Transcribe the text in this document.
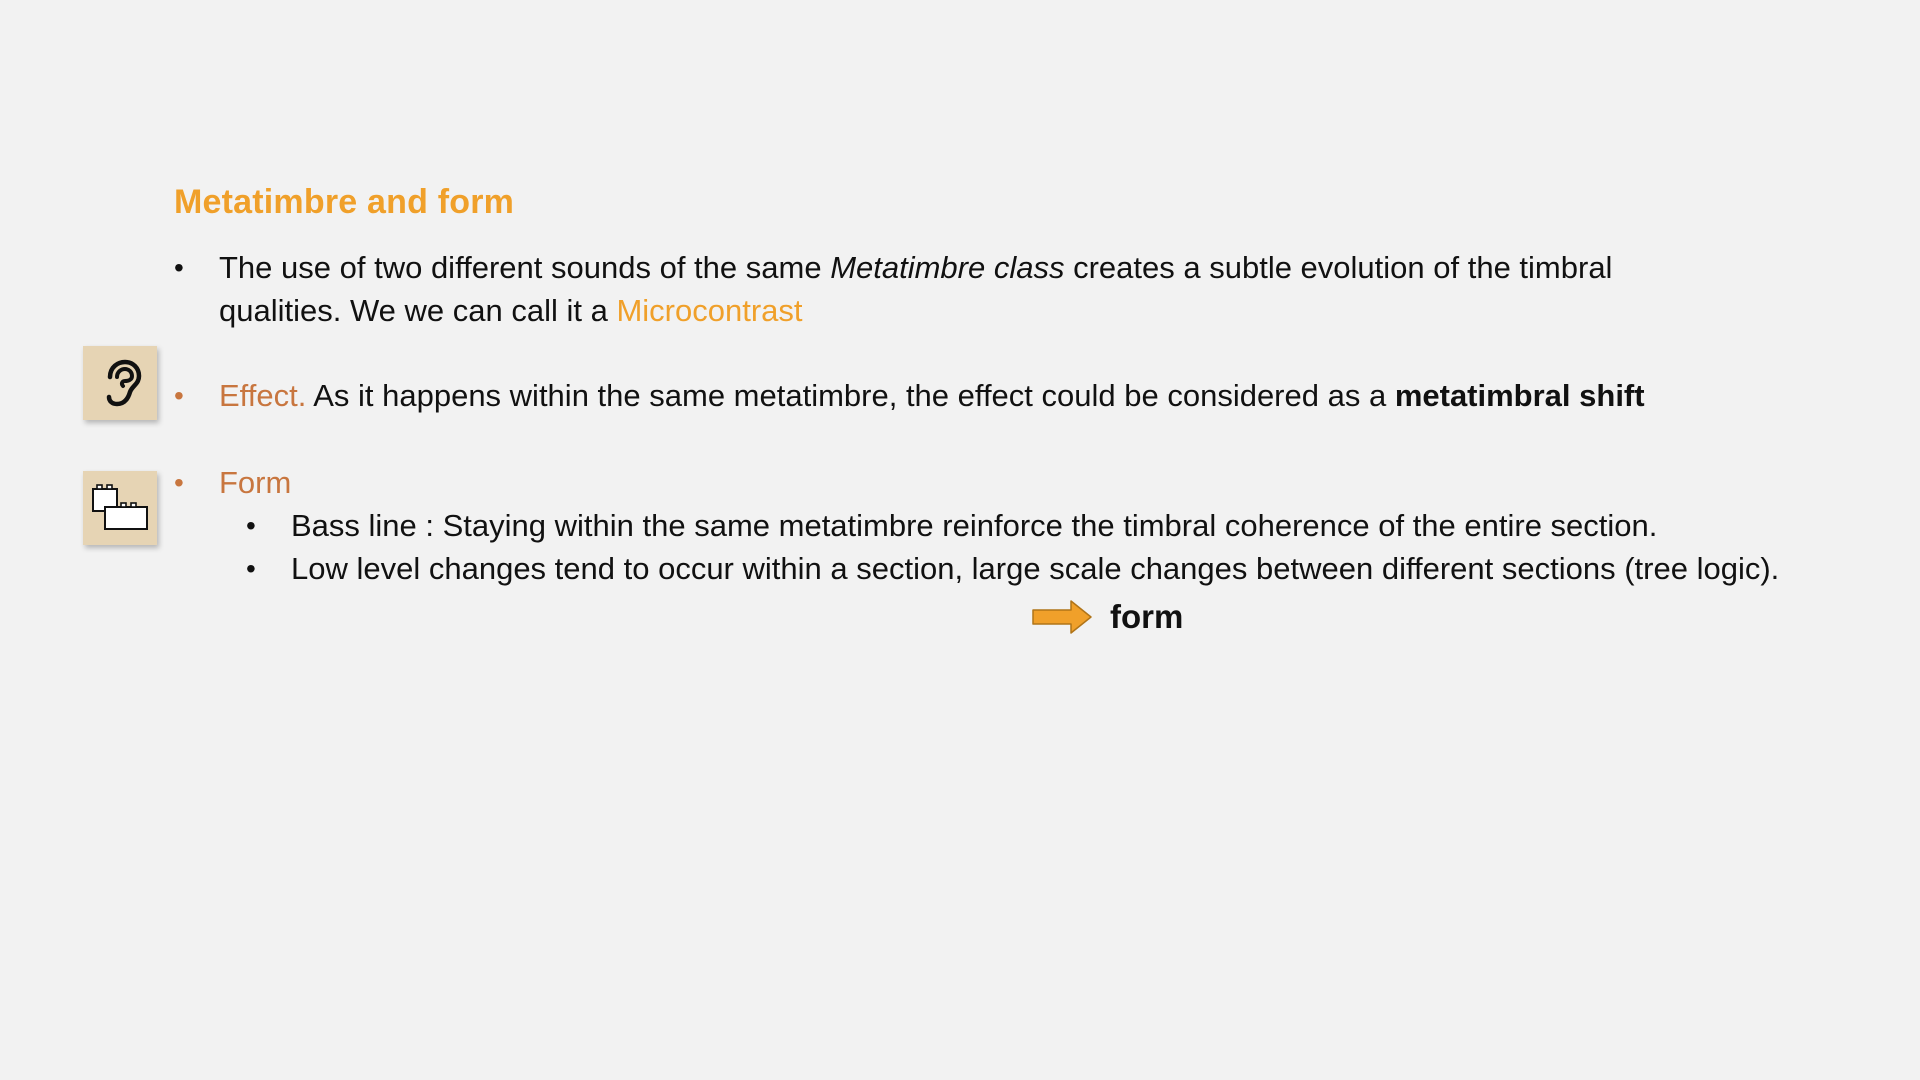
Metatimbre and form
•	The use of two different sounds of the same Metatimbre class creates a subtle evolution of the timbral qualities. We we can call it a Microcontrast
•	Effect. As it happens within the same metatimbre, the effect could be considered as a metatimbral shift
•	Form
•	Bass line : Staying within the same metatimbre reinforce the timbral coherence of the entire section.
•	Low level changes tend to occur within a section, large scale changes between different sections (tree logic).
form
